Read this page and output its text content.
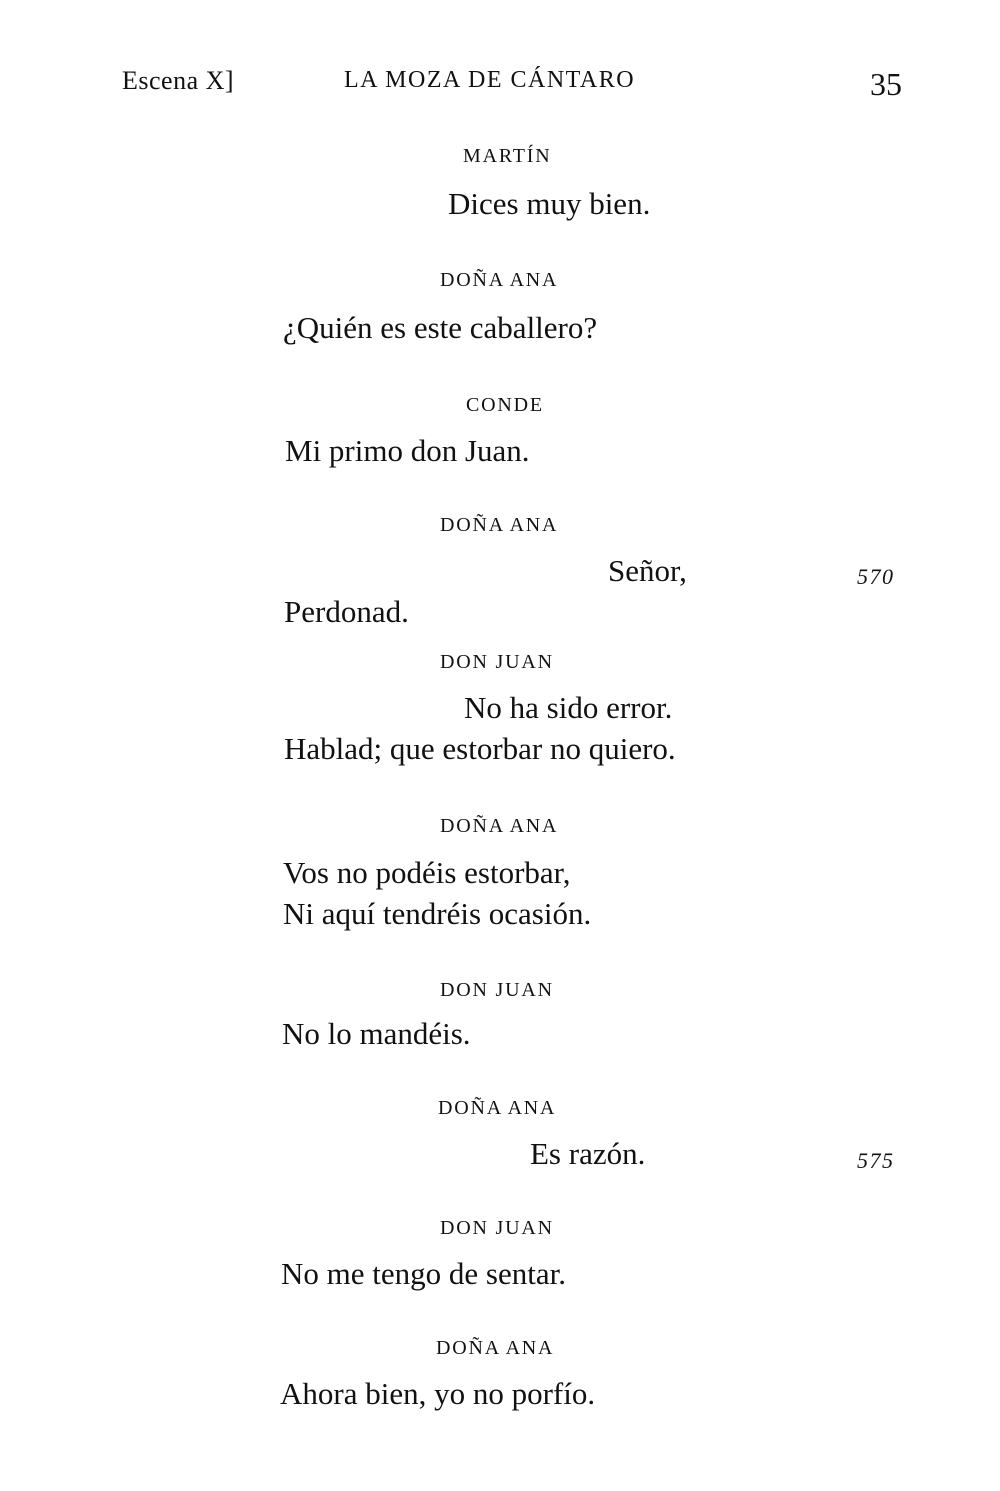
Escena X]	LA MOZA DE CÁNTARO	35
MARTÍN
Dices muy bien.
DOÑA ANA
¿Quién es este caballero?
CONDE
Mi primo don Juan.
DOÑA ANA
Señor,	570
Perdonad.
DON JUAN
No ha sido error.
Hablad; que estorbar no quiero.
DOÑA ANA
Vos no podéis estorbar,
Ni aquí tendréis ocasión.
DON JUAN
No lo mandéis.
DOÑA ANA
Es razón.	575
DON JUAN
No me tengo de sentar.
DOÑA ANA
Ahora bien, yo no porfío.
